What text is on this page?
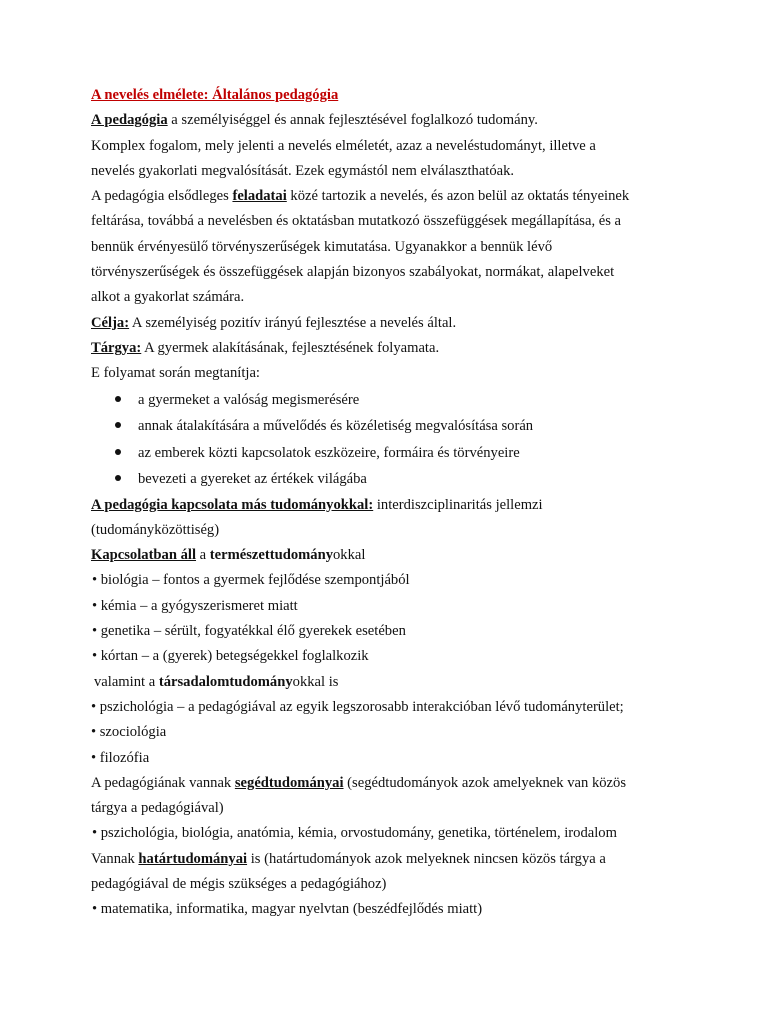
A nevelés elmélete: Általános pedagógia
A pedagógia a személyiséggel és annak fejlesztésével foglalkozó tudomány.
Komplex fogalom, mely jelenti a nevelés elméletét, azaz a neveléstudományt, illetve a
nevelés gyakorlati megvalósítását. Ezek egymástól nem elválaszthatóak.
A pedagógia elsődleges feladatai közé tartozik a nevelés, és azon belül az oktatás tényeinek
feltárása, továbbá a nevelésben és oktatásban mutatkozó összefüggések megállapítása, és a
bennük érvényesülő törvényszerűségek kimutatása. Ugyanakkor a bennük lévő
törvényszerűségek és összefüggések alapján bizonyos szabályokat, normákat, alapelveket
alkot a gyakorlat számára.
Célja: A személyiség pozitív irányú fejlesztése a nevelés által.
Tárgya: A gyermek alakításának, fejlesztésének folyamata.
E folyamat során megtanítja:
a gyermeket a valóság megismerésére
annak átalakítására a művelődés és közéletiség megvalósítása során
az emberek közti kapcsolatok eszközeire, formáira és törvényeire
bevezeti a gyereket az értékek világába
A pedagógia kapcsolata más tudományokkal: interdiszciplinaritás jellemzi
(tudományközöttiség)
Kapcsolatban áll a természettudományokkal
• biológia – fontos a gyermek fejlődése szempontjából
• kémia – a gyógyszerismeret miatt
• genetika – sérült, fogyatékkal élő gyerekek esetében
• kórtan – a (gyerek) betegségekkel foglalkozik
valamint a társadalomtudományokkal is
• pszichológia – a pedagógiával az egyik legszorosabb interakcióban lévő tudományterület;
• szociológia
• filozófia
A pedagógiának vannak segédtudományai (segédtudományok azok amelyeknek van közös
tárgya a pedagógiával)
• pszichológia, biológia, anatómia, kémia, orvostudomány, genetika, történelem, irodalom
Vannak határtudományai is (határtudományok azok melyeknek nincsen közös tárgya a
pedagógiával de mégis szükséges a pedagógiához)
• matematika, informatika, magyar nyelvtan (beszédfejlődés miatt)
